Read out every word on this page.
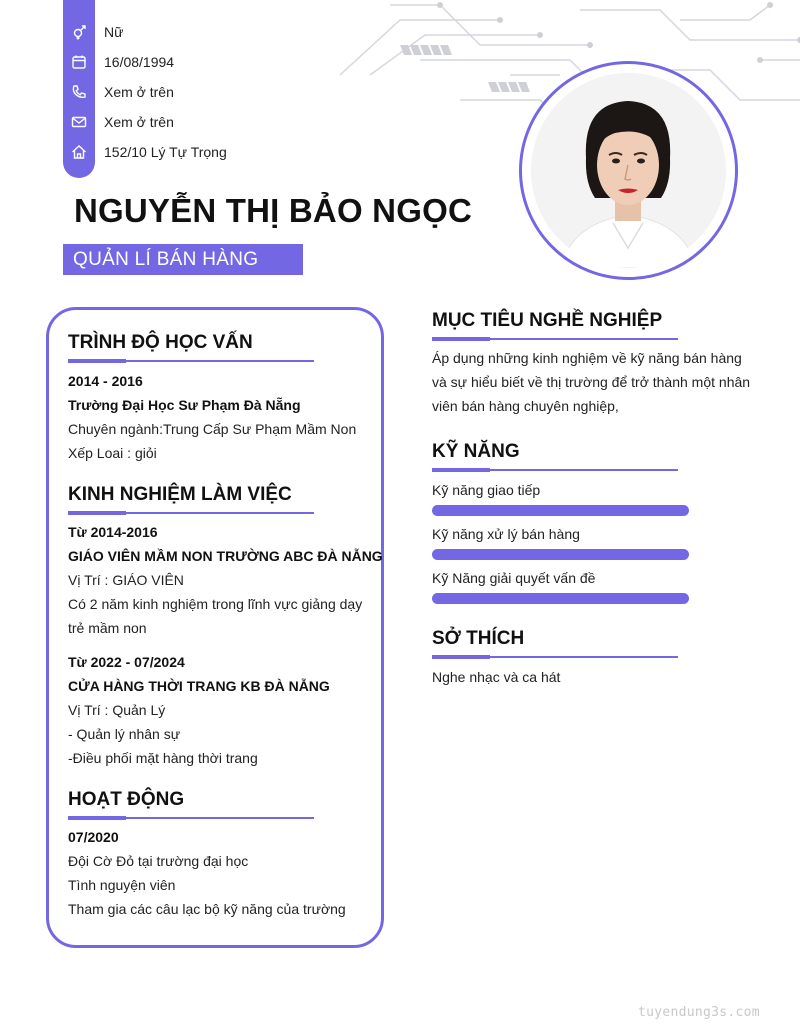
Nữ
16/08/1994
Xem ở trên
Xem ở trên
152/10 Lý Tự Trọng
NGUYỄN THỊ BẢO NGỌC
QUẢN LÍ BÁN HÀNG
TRÌNH ĐỘ HỌC VẤN
2014 - 2016
Trường Đại Học Sư Phạm Đà Nẵng
Chuyên ngành:Trung Cấp Sư Phạm Mầm Non
Xếp Loai : giỏi
KINH NGHIỆM LÀM VIỆC
Từ 2014-2016
GIÁO VIÊN MẦM NON TRƯỜNG ABC ĐÀ NẴNG
Vị Trí : GIÁO VIÊN
Có 2 năm kinh nghiệm trong lĩnh vực giảng dạy
trẻ mầm non
Từ 2022 - 07/2024
CỬA HÀNG THỜI TRANG KB ĐÀ NẴNG
Vị Trí : Quản Lý
- Quản lý nhân sự
-Điều phối mặt hàng thời trang
HOẠT ĐỘNG
07/2020
Đội Cờ Đỏ tại trường đại học
Tình nguyện viên
Tham gia các câu lạc bộ kỹ năng của trường
MỤC TIÊU NGHỀ NGHIỆP
Áp dụng những kinh nghiệm về kỹ năng bán hàng
và sự hiểu biết về thị trường để trở thành một nhân
viên bán hàng chuyên nghiệp,
KỸ NĂNG
Kỹ năng giao tiếp
Kỹ năng xử lý bán hàng
Kỹ Năng giải quyết vấn đề
SỞ THÍCH
Nghe nhạc và ca hát
tuyendung3s.com
